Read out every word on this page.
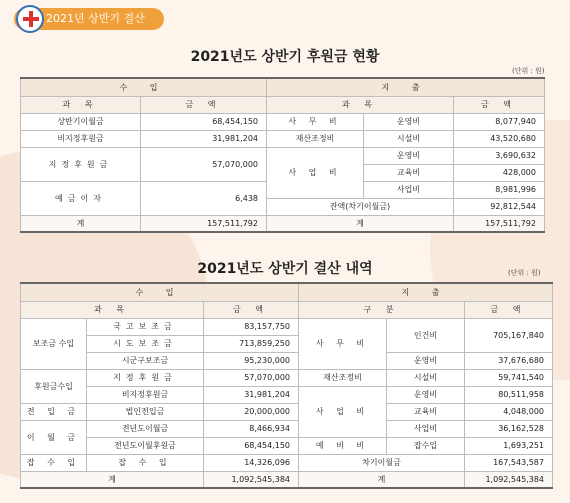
2021년 상반기 결산
2021년도 상반기 후원금 현황
(단위 : 원)
수 입		지 출		
과 목	금 액	과 목		금 액
상반기이월금	68,454,150	사 무 비	운영비	8,077,940
비지정후원금	31,981,204	재산조정비	시설비	43,520,680
지정후원금	57,070,000	사 업 비	운영비	3,690,632
			교육비	428,000
예금이자	6,438		사업비	8,981,996
		잔액(차기이월금)		92,812,544
계	157,511,792	계		157,511,792
2021년도 상반기 결산 내역	(단위 : 원)
수 입			지 출		
과 목		금 액	구 분		금 액
보조금 수입	국고보조금	83,157,750	사 무 비	인건비	705,167,840
	시도보조금	713,859,250			
	시군구보조금	95,230,000		운영비	37,676,680
후원금수입	지정후원금	57,070,000	재산조정비	시설비	59,741,540
	비지정후원금	31,981,204	사 업 비	운영비	80,511,958
전 입 금	법인전입금	20,000,000		교육비	4,048,000
이 월 금	전년도이월금	8,466,934		사업비	36,162,528
	전년도이월후원금	68,454,150	예 비 비	잡수입	1,693,251
잡 수 입	잡 수 입	14,326,096	차기이월금		167,543,587
계		1,092,545,384	계		1,092,545,384
